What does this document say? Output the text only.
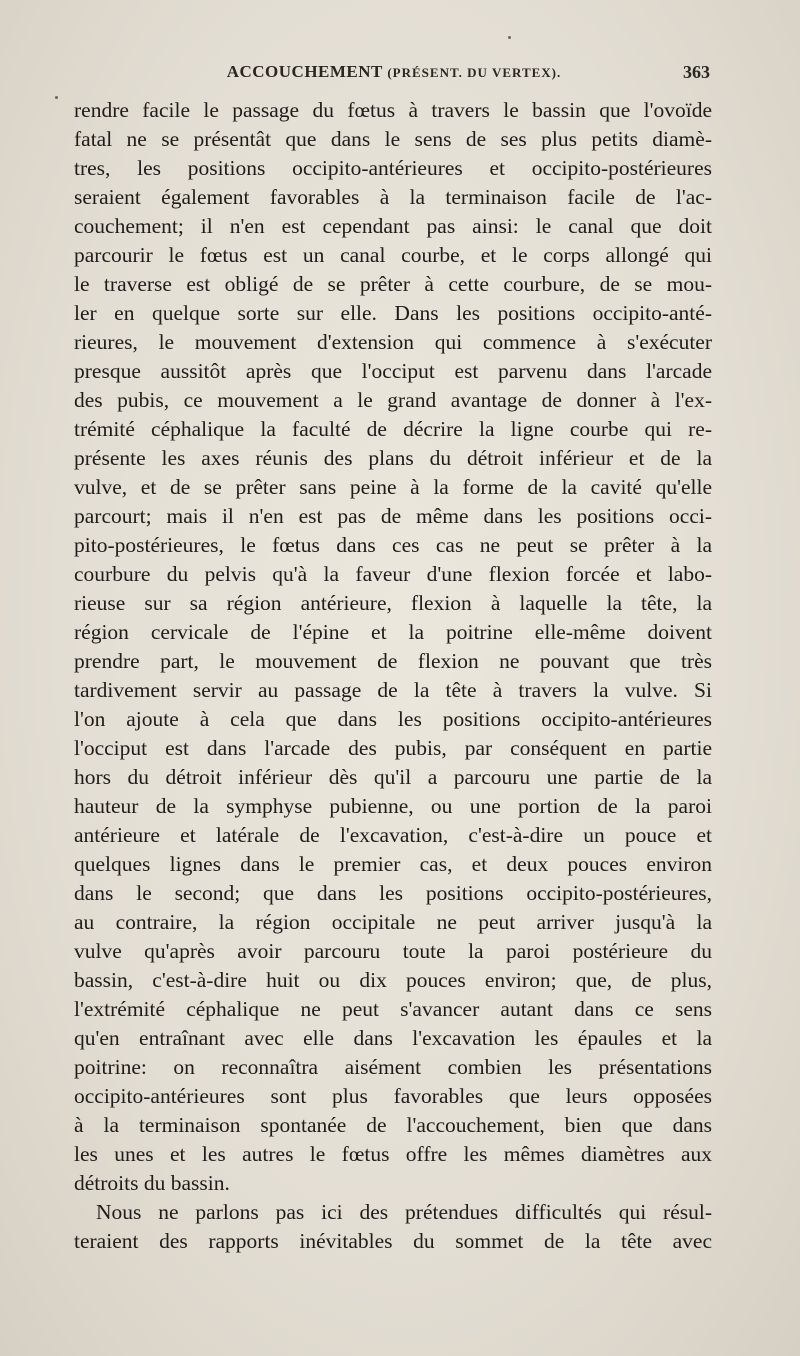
ACCOUCHEMENT (PRÉSENT. DU VERTEX).	363

rendre facile le passage du fœtus à travers le bassin que l'ovoïde
fatal ne se présentât que dans le sens de ses plus petits diamè-
tres, les positions occipito-antérieures et occipito-postérieures
seraient également favorables à la terminaison facile de l'ac-
couchement; il n'en est cependant pas ainsi: le canal que doit
parcourir le fœtus est un canal courbe, et le corps allongé qui
le traverse est obligé de se prêter à cette courbure, de se mou-
ler en quelque sorte sur elle. Dans les positions occipito-anté-
rieures, le mouvement d'extension qui commence à s'exécuter
presque aussitôt après que l'occiput est parvenu dans l'arcade
des pubis, ce mouvement a le grand avantage de donner à l'ex-
trémité céphalique la faculté de décrire la ligne courbe qui re-
présente les axes réunis des plans du détroit inférieur et de la
vulve, et de se prêter sans peine à la forme de la cavité qu'elle
parcourt; mais il n'en est pas de même dans les positions occi-
pito-postérieures, le fœtus dans ces cas ne peut se prêter à la
courbure du pelvis qu'à la faveur d'une flexion forcée et labo-
rieuse sur sa région antérieure, flexion à laquelle la tête, la
région cervicale de l'épine et la poitrine elle-même doivent
prendre part, le mouvement de flexion ne pouvant que très
tardivement servir au passage de la tête à travers la vulve. Si
l'on ajoute à cela que dans les positions occipito-antérieures
l'occiput est dans l'arcade des pubis, par conséquent en partie
hors du détroit inférieur dès qu'il a parcouru une partie de la
hauteur de la symphyse pubienne, ou une portion de la paroi
antérieure et latérale de l'excavation, c'est-à-dire un pouce et
quelques lignes dans le premier cas, et deux pouces environ
dans le second; que dans les positions occipito-postérieures,
au contraire, la région occipitale ne peut arriver jusqu'à la
vulve qu'après avoir parcouru toute la paroi postérieure du
bassin, c'est-à-dire huit ou dix pouces environ; que, de plus,
l'extrémité céphalique ne peut s'avancer autant dans ce sens
qu'en entraînant avec elle dans l'excavation les épaules et la
poitrine: on reconnaîtra aisément combien les présentations
occipito-antérieures sont plus favorables que leurs opposées
à la terminaison spontanée de l'accouchement, bien que dans
les unes et les autres le fœtus offre les mêmes diamètres aux
détroits du bassin.

Nous ne parlons pas ici des prétendues difficultés qui résul-
teraient des rapports inévitables du sommet de la tête avec
